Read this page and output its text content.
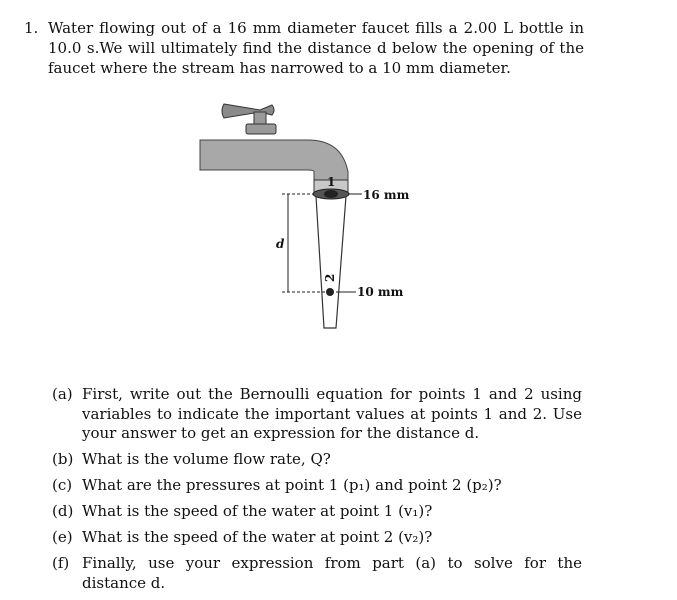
1. Water flowing out of a 16 mm diameter faucet fills a 2.00 L bottle in 10.0 s.We will ultimately find the distance d below the opening of the faucet where the stream has narrowed to a 10 mm diameter.
1
2
16 mm
10 mm
d
(a) First, write out the Bernoulli equation for points 1 and 2 using variables to indicate the important values at points 1 and 2. Use your answer to get an expression for the distance d.
(b) What is the volume flow rate, Q?
(c) What are the pressures at point 1 (p₁) and point 2 (p₂)?
(d) What is the speed of the water at point 1 (v₁)?
(e) What is the speed of the water at point 2 (v₂)?
(f) Finally, use your expression from part (a) to solve for the distance d.
